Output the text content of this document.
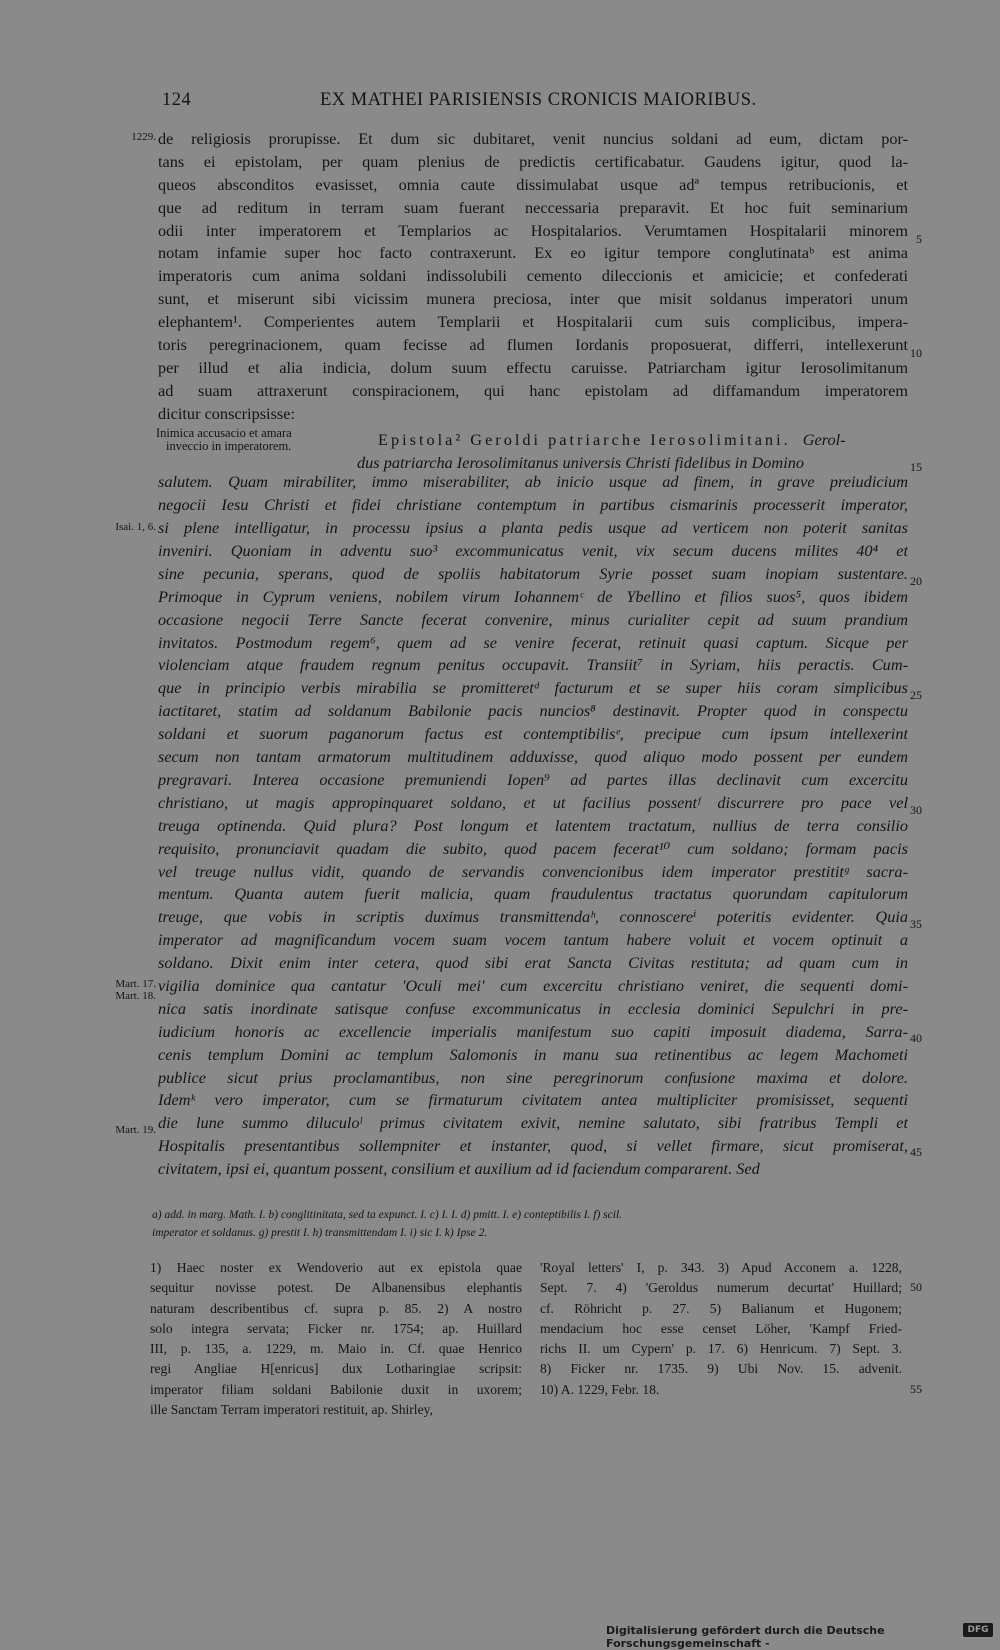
124	EX MATHEI PARISIENSIS CRONICIS MAIORIBUS.
1229.
Isai. 1, 6.
Mart. 17.
Mart. 18.
Mart. 19.
Inimica accusacio et amara
inveccio in imperatorem.	Epistola² Geroldi patriarche Ierosolimitani. Gerol-
dus patriarcha Ierosolimitanus universis Christi fidelibus in Domino
de religiosis prorupisse. Et dum sic dubitaret, venit nuncius soldani ad eum, dictam por-
tans ei epistolam, per quam plenius de predictis certificabatur. Gaudens igitur, quod la-
queos absconditos evasisset, omnia caute dissimulabat usque adª tempus retribucionis, et
que ad reditum in terram suam fuerant neccessaria preparavit. Et hoc fuit seminarium
odii inter imperatorem et Templarios ac Hospitalarios. Verumtamen Hospitalarii minorem
notam infamie super hoc facto contraxerunt. Ex eo igitur tempore conglutinataᵇ est anima
imperatoris cum anima soldani indissolubili cemento dileccionis et amicicie; et confederati
sunt, et miserunt sibi vicissim munera preciosa, inter que misit soldanus imperatori unum
elephantem¹. Comperientes autem Templarii et Hospitalarii cum suis complicibus, impera-
toris peregrinacionem, quam fecisse ad flumen Iordanis proposuerat, differri, intellexerunt
per illud et alia indicia, dolum suum effectu caruisse. Patriarcham igitur Ierosolimitanum
ad suam attraxerunt conspiracionem, qui hanc epistolam ad diffamandum imperatorem
dicitur conscripsisse:
salutem. Quam mirabiliter, immo miserabiliter, ab inicio usque ad finem, in grave preiudicium
negocii Iesu Christi et fidei christiane contemptum in partibus cismarinis processerit imperator,
si plene intelligatur, in processu ipsius a planta pedis usque ad verticem non poterit sanitas
inveniri. Quoniam in adventu suo³ excommunicatus venit, vix secum ducens milites 40⁴ et
sine pecunia, sperans, quod de spoliis habitatorum Syrie posset suam inopiam sustentare.
Primoque in Cyprum veniens, nobilem virum Iohannemᶜ de Ybellino et filios suos⁵, quos ibidem
occasione negocii Terre Sancte fecerat convenire, minus curialiter cepit ad suum prandium
invitatos. Postmodum regem⁶, quem ad se venire fecerat, retinuit quasi captum. Sicque per
violenciam atque fraudem regnum penitus occupavit. Transiit⁷ in Syriam, hiis peractis. Cum-
que in principio verbis mirabilia se promitteretᵈ facturum et se super hiis coram simplicibus
iactitaret, statim ad soldanum Babilonie pacis nuncios⁸ destinavit. Propter quod in conspectu
soldani et suorum paganorum factus est contemptibilisᵉ, precipue cum ipsum intellexerint
secum non tantam armatorum multitudinem adduxisse, quod aliquo modo possent per eundem
pregravari. Interea occasione premuniendi Iopen⁹ ad partes illas declinavit cum excercitu
christiano, ut magis appropinquaret soldano, et ut facilius possentᶠ discurrere pro pace vel
treuga optinenda. Quid plura? Post longum et latentem tractatum, nullius de terra consilio
requisito, pronunciavit quadam die subito, quod pacem fecerat¹⁰ cum soldano; formam pacis
vel treuge nullus vidit, quando de servandis convencionibus idem imperator prestititᵍ sacra-
mentum. Quanta autem fuerit malicia, quam fraudulentus tractatus quorundam capitulorum
treuge, que vobis in scriptis duximus transmittendaʰ, connoscereⁱ poteritis evidenter. Quia
imperator ad magnificandum vocem suam vocem tantum habere voluit et vocem optinuit a
soldano. Dixit enim inter cetera, quod sibi erat Sancta Civitas restituta; ad quam cum in
vigilia dominice qua cantatur 'Oculi mei' cum excercitu christiano veniret, die sequenti domi-
nica satis inordinate satisque confuse excommunicatus in ecclesia dominici Sepulchri in pre-
iudicium honoris ac excellencie imperialis manifestum suo capiti imposuit diadema, Sarra-
cenis templum Domini ac templum Salomonis in manu sua retinentibus ac legem Machometi
publice sicut prius proclamantibus, non sine peregrinorum confusione maxima et dolore.
Idemᵏ vero imperator, cum se firmaturum civitatem antea multipliciter promisisset, sequenti
die lune summo diluculoˡ primus civitatem exivit, nemine salutato, sibi fratribus Templi et
Hospitalis presentantibus sollempniter et instanter, quod, si vellet firmare, sicut promiserat,
civitatem, ipsi ei, quantum possent, consilium et auxilium ad id faciendum compararent. Sed
5
10
15
20
25
30
35
40
45
a) add. in marg. Math. I. b) conglitinitata, sed ta expunct. I. c) I. I. d) pmitt. I. e) conteptibilis I. f) scil.
imperator et soldanus. g) prestit I. h) transmittendam I. i) sic I. k) Ipse 2.
1) Haec noster ex Wendoverio aut ex epistola quae
sequitur novisse potest. De Albanensibus elephantis
naturam describentibus cf. supra p. 85. 2) A nostro
solo integra servata; Ficker nr. 1754; ap. Huillard
III, p. 135, a. 1229, m. Maio in. Cf. quae Henrico
regi Angliae H[enricus] dux Lotharingiae scripsit:
imperator filiam soldani Babilonie duxit in uxorem;
ille Sanctam Terram imperatori restituit, ap. Shirley,
'Royal letters' I, p. 343. 3) Apud Acconem a. 1228,
Sept. 7. 4) 'Geroldus numerum decurtat' Huillard;
cf. Röhricht p. 27. 5) Balianum et Hugonem;
mendacium hoc esse censet Löher, 'Kampf Fried-
richs II. um Cypern' p. 17. 6) Henricum. 7) Sept. 3.
8) Ficker nr. 1735. 9) Ubi Nov. 15. advenit.
10) A. 1229, Febr. 18.
50
55
Digitalisierung gefördert durch die Deutsche Forschungsgemeinschaft -
DFG
